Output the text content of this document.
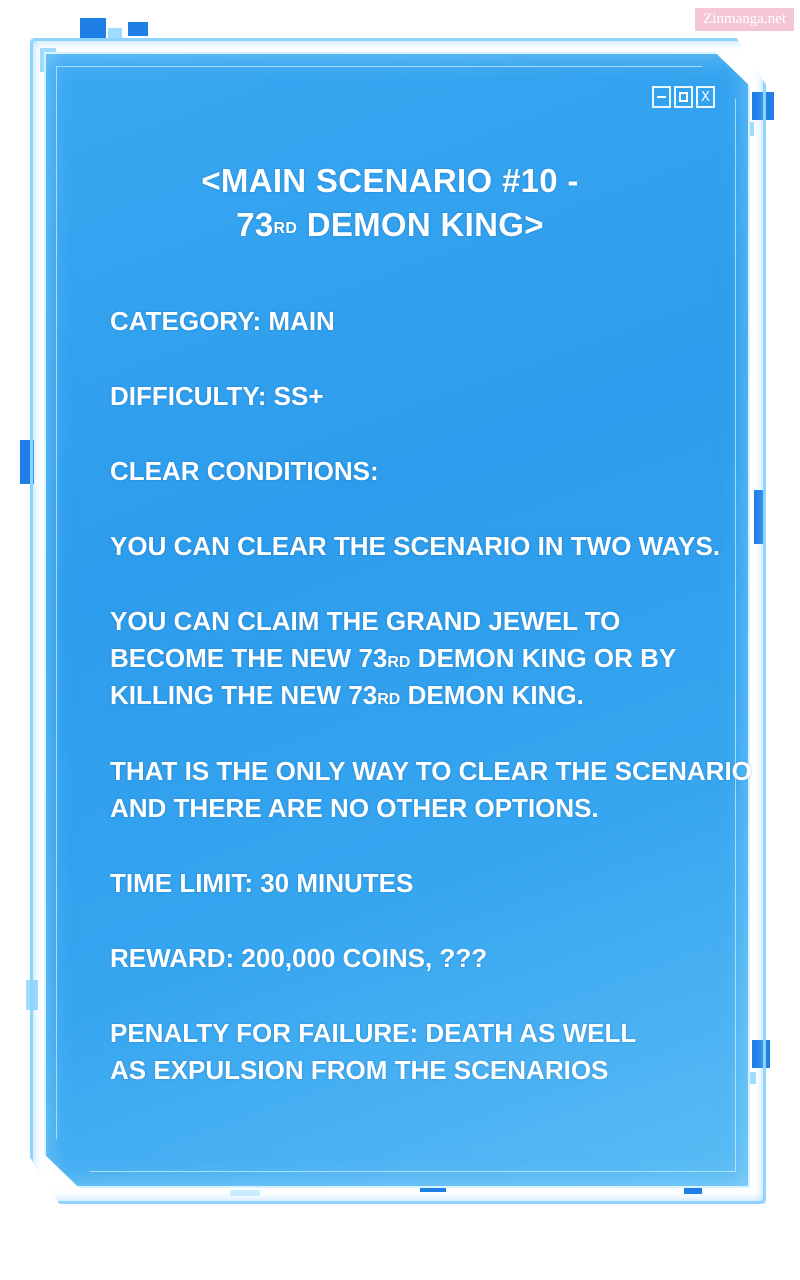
Zinmanga.net
X
<MAIN SCENARIO #10 -
73RD DEMON KING>
CATEGORY: MAIN
DIFFICULTY: SS+
CLEAR CONDITIONS:
YOU CAN CLEAR THE SCENARIO IN TWO WAYS.
YOU CAN CLAIM THE GRAND JEWEL TO
BECOME THE NEW 73RD DEMON KING OR BY
KILLING THE NEW 73RD DEMON KING.
THAT IS THE ONLY WAY TO CLEAR THE SCENARIO
AND THERE ARE NO OTHER OPTIONS.
TIME LIMIT: 30 MINUTES
REWARD: 200,000 COINS, ???
PENALTY FOR FAILURE: DEATH AS WELL
AS EXPULSION FROM THE SCENARIOS
